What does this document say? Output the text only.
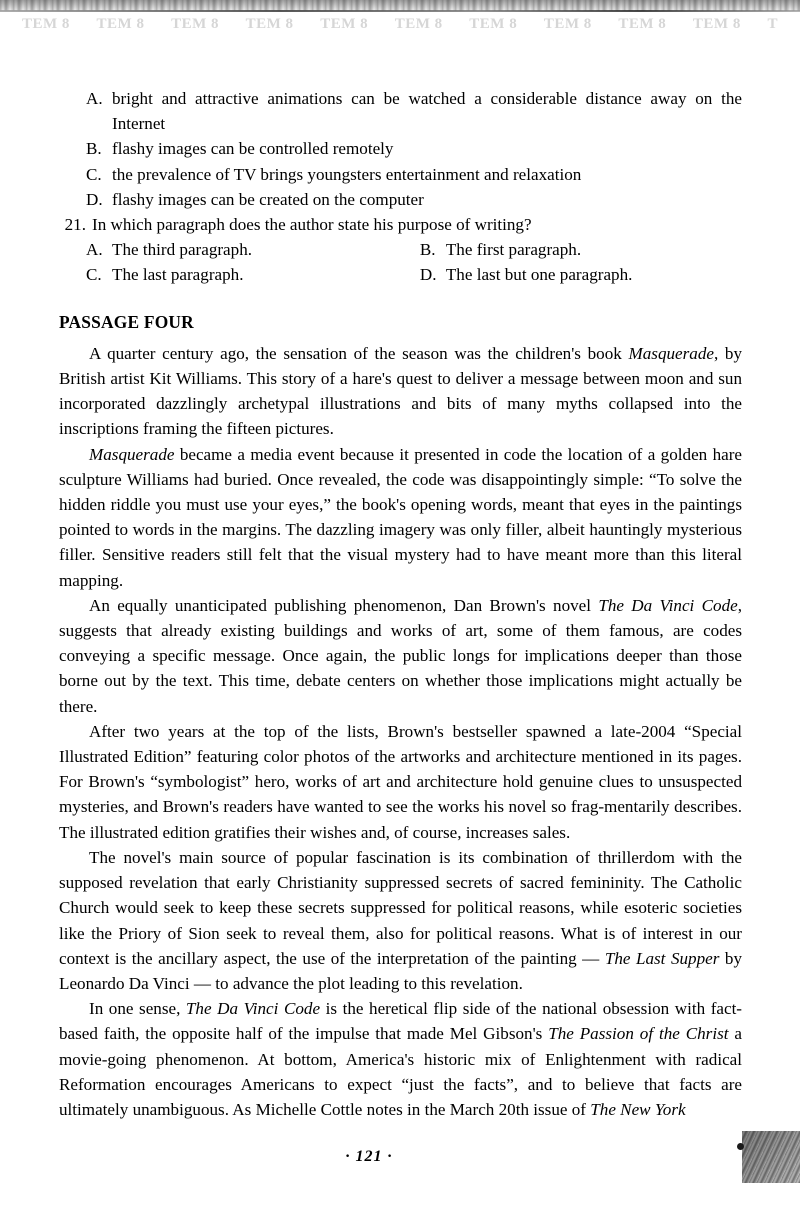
TEM 8 TEM 8 TEM 8 TEM 8 TEM 8 TEM 8 TEM 8 TEM 8 TEM 8 TEM 8 T
A. bright and attractive animations can be watched a considerable distance away on the Internet
B. flashy images can be controlled remotely
C. the prevalence of TV brings youngsters entertainment and relaxation
D. flashy images can be created on the computer
21. In which paragraph does the author state his purpose of writing?
A. The third paragraph.	B. The first paragraph.
C. The last paragraph.	D. The last but one paragraph.
PASSAGE FOUR
A quarter century ago, the sensation of the season was the children's book Masquerade, by British artist Kit Williams. This story of a hare's quest to deliver a message between moon and sun incorporated dazzlingly archetypal illustrations and bits of many myths collapsed into the inscriptions framing the fifteen pictures.
Masquerade became a media event because it presented in code the location of a golden hare sculpture Williams had buried. Once revealed, the code was disappointingly simple: “To solve the hidden riddle you must use your eyes,” the book's opening words, meant that eyes in the paintings pointed to words in the margins. The dazzling imagery was only filler, albeit hauntingly mysterious filler. Sensitive readers still felt that the visual mystery had to have meant more than this literal mapping.
An equally unanticipated publishing phenomenon, Dan Brown's novel The Da Vinci Code, suggests that already existing buildings and works of art, some of them famous, are codes conveying a specific message. Once again, the public longs for implications deeper than those borne out by the text. This time, debate centers on whether those implications might actually be there.
After two years at the top of the lists, Brown's bestseller spawned a late-2004 “Special Illustrated Edition” featuring color photos of the artworks and architecture mentioned in its pages. For Brown's “symbologist” hero, works of art and architecture hold genuine clues to unsuspected mysteries, and Brown's readers have wanted to see the works his novel so frag-mentarily describes. The illustrated edition gratifies their wishes and, of course, increases sales.
The novel's main source of popular fascination is its combination of thrillerdom with the supposed revelation that early Christianity suppressed secrets of sacred femininity. The Catholic Church would seek to keep these secrets suppressed for political reasons, while esoteric societies like the Priory of Sion seek to reveal them, also for political reasons. What is of interest in our context is the ancillary aspect, the use of the interpretation of the painting — The Last Supper by Leonardo Da Vinci — to advance the plot leading to this revelation.
In one sense, The Da Vinci Code is the heretical flip side of the national obsession with fact-based faith, the opposite half of the impulse that made Mel Gibson's The Passion of the Christ a movie-going phenomenon. At bottom, America's historic mix of Enlightenment with radical Reformation encourages Americans to expect “just the facts”, and to believe that facts are ultimately unambiguous. As Michelle Cottle notes in the March 20th issue of The New York
· 121 ·
